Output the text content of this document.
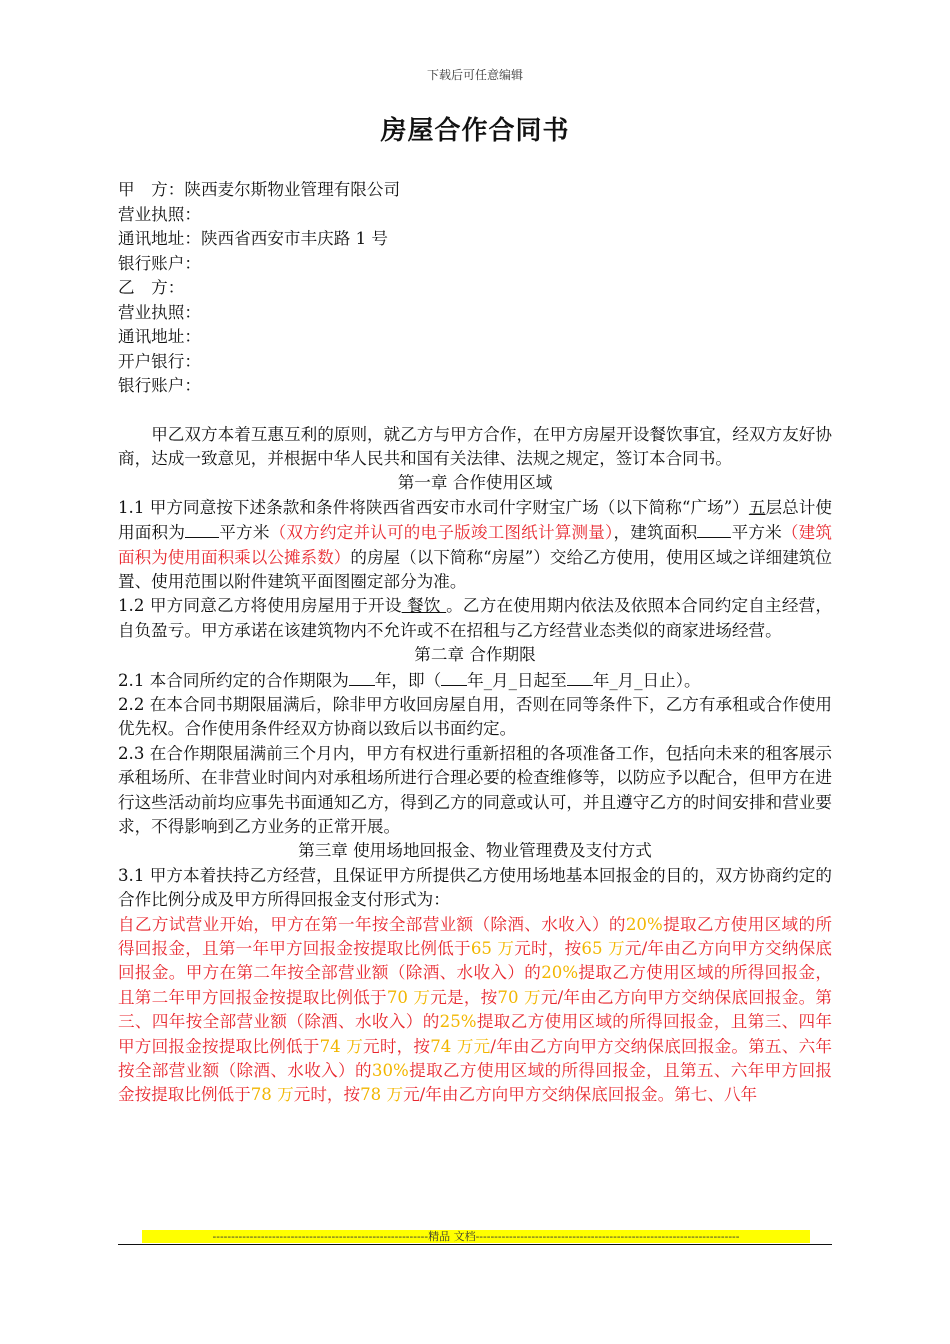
下载后可任意编辑
房屋合作合同书

甲　方：陕西麦尔斯物业管理有限公司

营业执照：

通讯地址：陕西省西安市丰庆路 1 号

银行账户：

乙　方：

营业执照：

通讯地址：

开户银行：

银行账户：

甲乙双方本着互惠互利的原则，就乙方与甲方合作，在甲方房屋开设餐饮事宜，经双方友好协商，达成一致意见，并根据中华人民共和国有关法律、法规之规定，签订本合同书。

第一章 合作使用区域

1.1 甲方同意按下述条款和条件将陕西省西安市水司什字财宝广场（以下简称“广场”）五层总计使用面积为 平方米（双方约定并认可的电子版竣工图纸计算测量），建筑面积 平方米（建筑面积为使用面积乘以公摊系数）的房屋（以下简称“房屋”）交给乙方使用，使用区域之详细建筑位置、使用范围以附件建筑平面图圈定部分为准。

1.2 甲方同意乙方将使用房屋用于开设 餐饮 。乙方在使用期内依法及依照本合同约定自主经营，自负盈亏。甲方承诺在该建筑物内不允许或不在招租与乙方经营业态类似的商家进场经营。

第二章 合作期限

2.1 本合同所约定的合作期限为 年，即（ 年_月_日起至 年_月_日止）。

2.2 在本合同书期限届满后，除非甲方收回房屋自用，否则在同等条件下，乙方有承租或合作使用优先权。合作使用条件经双方协商以致后以书面约定。

2.3 在合作期限届满前三个月内，甲方有权进行重新招租的各项准备工作，包括向未来的租客展示承租场所、在非营业时间内对承租场所进行合理必要的检查维修等，以防应予以配合，但甲方在进行这些活动前均应事先书面通知乙方，得到乙方的同意或认可，并且遵守乙方的时间安排和营业要求，不得影响到乙方业务的正常开展。

第三章 使用场地回报金、物业管理费及支付方式

3.1 甲方本着扶持乙方经营，且保证甲方所提供乙方使用场地基本回报金的目的，双方协商约定的合作比例分成及甲方所得回报金支付形式为：

自乙方试营业开始，甲方在第一年按全部营业额（除酒、水收入）的20%提取乙方使用区域的所得回报金，且第一年甲方回报金按提取比例低于65 万元时，按65 万元/年由乙方向甲方交纳保底回报金。甲方在第二年按全部营业额（除酒、水收入）的20%提取乙方使用区域的所得回报金，且第二年甲方回报金按提取比例低于70 万元是，按70 万元/年由乙方向甲方交纳保底回报金。第三、四年按全部营业额（除酒、水收入）的25%提取乙方使用区域的所得回报金，且第三、四年甲方回报金按提取比例低于74 万元时，按74 万元/年由乙方向甲方交纳保底回报金。第五、六年按全部营业额（除酒、水收入）的30%提取乙方使用区域的所得回报金，且第五、六年甲方回报金按提取比例低于78 万元时，按78 万元/年由乙方向甲方交纳保底回报金。第七、八年

----------------------------------------------------------精品 文档-----------------------------------------------------------------------
